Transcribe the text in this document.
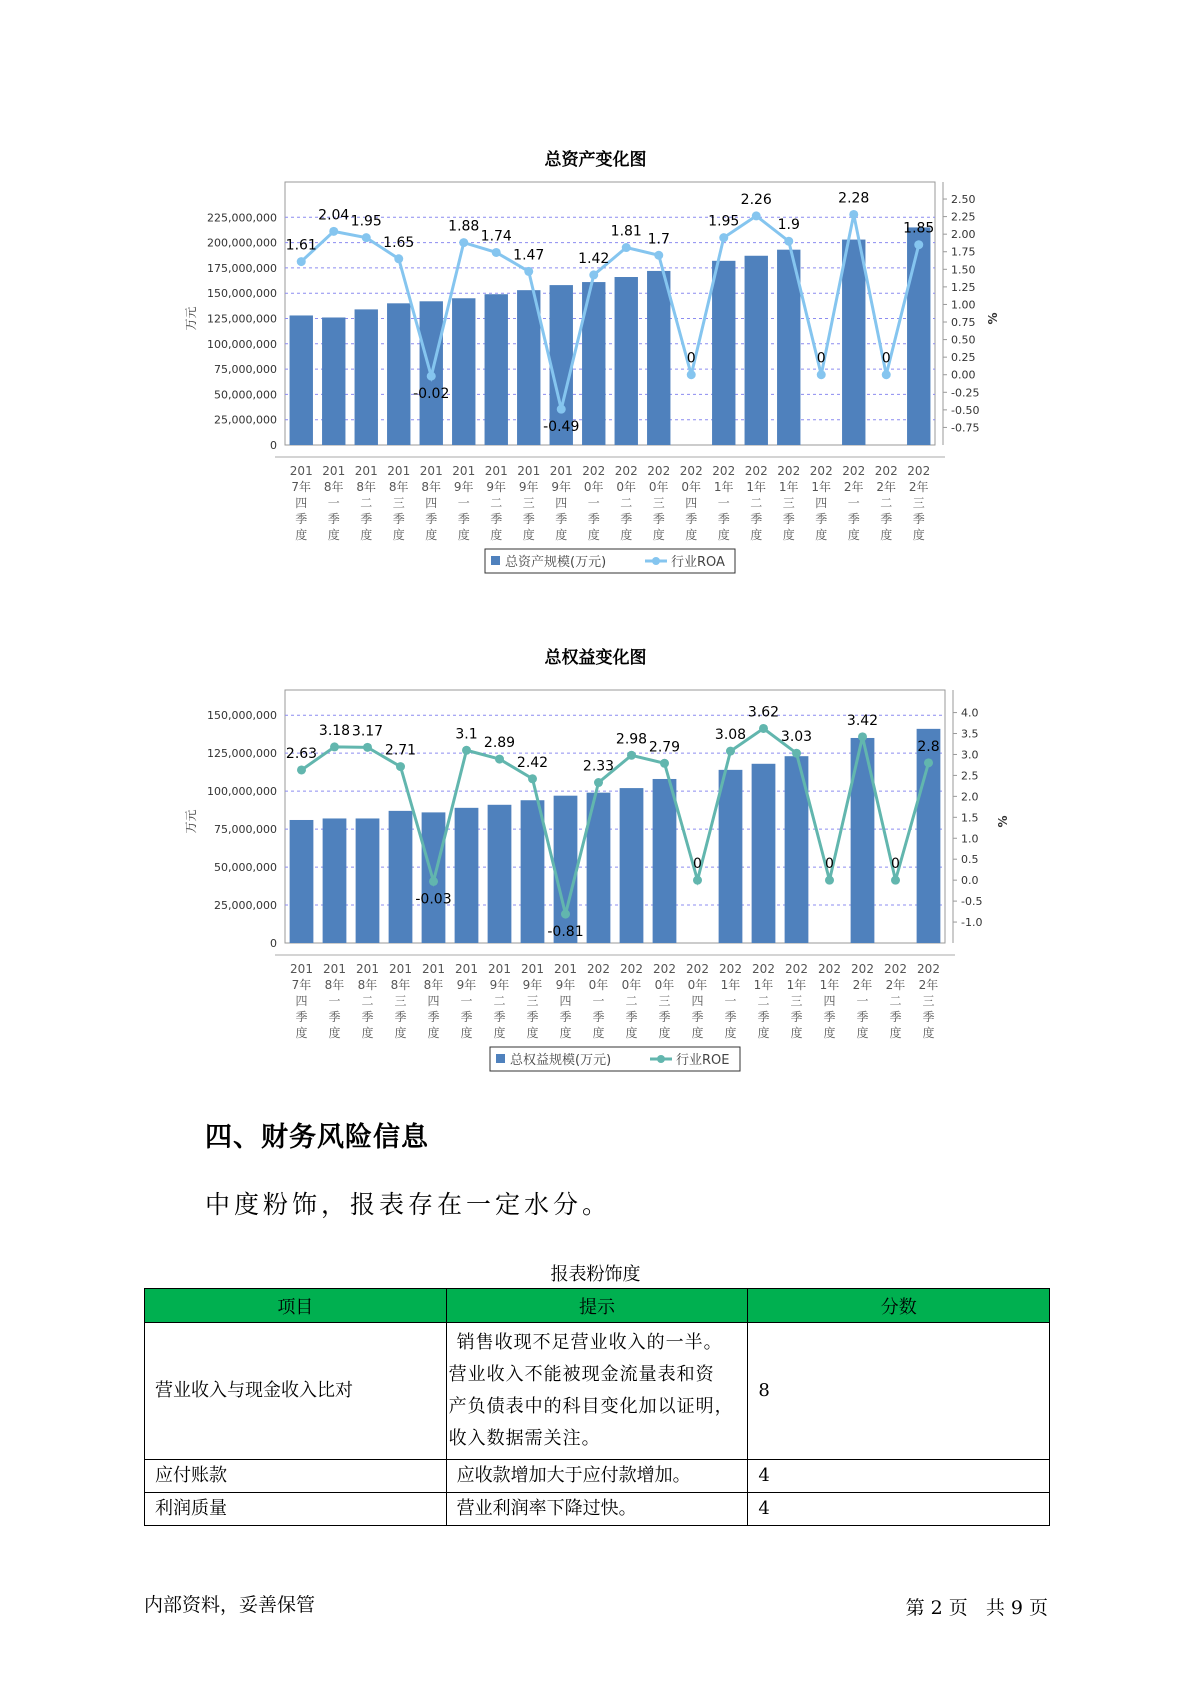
总资产变化图
225,000,000
200,000,000
175,000,000
150,000,000
125,000,000
100,000,000
75,000,000
50,000,000
25,000,000
0
2.50
2.25
2.00
1.75
1.50
1.25
1.00
0.75
0.50
0.25
0.00
-0.25
-0.50
-0.75
万元	%
201
7年
四
季
度
201
8年
一
季
度
201
8年
二
季
度
201
8年
三
季
度
201
8年
四
季
度
201
9年
一
季
度
201
9年
二
季
度
201
9年
三
季
度
201
9年
四
季
度
202
0年
一
季
度
202
0年
二
季
度
202
0年
三
季
度
202
0年
四
季
度
202
1年
一
季
度
202
1年
二
季
度
202
1年
三
季
度
202
1年
四
季
度
202
2年
一
季
度
202
2年
二
季
度
202
2年
三
季
度
1.61
2.04 1.95
1.65
-0.02
1.88
1.74
1.47
-0.49
1.42
1.81 1.7
0
1.95
2.26
1.9
0
2.28
0
1.85
总资产规模(万元)	行业ROA
总权益变化图
150,000,000
125,000,000
100,000,000
75,000,000
50,000,000
25,000,000
0
4.0
3.5
3.0
2.5
2.0
1.5
1.0
0.5
0.0
-0.5
-1.0
万元	%
201
7年
四
季
度
201
8年
一
季
度
201
8年
二
季
度
201
8年
三
季
度
201
8年
四
季
度
201
9年
一
季
度
201
9年
二
季
度
201
9年
三
季
度
201
9年
四
季
度
202
0年
一
季
度
202
0年
二
季
度
202
0年
三
季
度
202
0年
四
季
度
202
1年
一
季
度
202
1年
二
季
度
202
1年
三
季
度
202
1年
四
季
度
202
2年
一
季
度
202
2年
二
季
度
202
2年
三
季
度
2.63
3.18 3.17
2.71
-0.03
3.1
2.89
2.42
-0.81
2.33
2.98 2.79
0
3.08
3.62
3.03
0
3.42
0
2.8
总权益规模(万元)	行业ROE
四、财务风险信息
中度粉饰，报表存在一定水分。
报表粉饰度
项目	提示	分数
营业收入与现金收入比对	销售收现不足营业收入的一半。
营业收入不能被现金流量表和资
产负债表中的科目变化加以证明，
收入数据需关注。	8
应付账款	应收款增加大于应付款增加。	4
利润质量	营业利润率下降过快。	4
内部资料，妥善保管	第 2 页 共 9 页
